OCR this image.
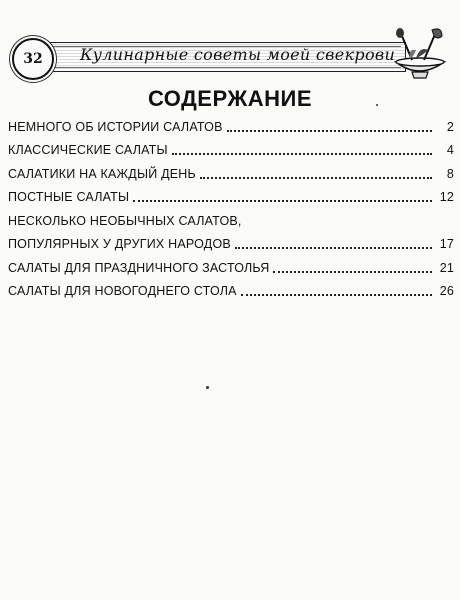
Кулинарные советы моей свекрови
32
СОДЕРЖАНИЕ
НЕМНОГО ОБ ИСТОРИИ САЛАТОВ	2
КЛАССИЧЕСКИЕ САЛАТЫ	4
САЛАТИКИ НА КАЖДЫЙ ДЕНЬ	8
ПОСТНЫЕ САЛАТЫ	12
НЕСКОЛЬКО НЕОБЫЧНЫХ САЛАТОВ,
ПОПУЛЯРНЫХ У ДРУГИХ НАРОДОВ	17
САЛАТЫ ДЛЯ ПРАЗДНИЧНОГО ЗАСТОЛЬЯ	21
САЛАТЫ ДЛЯ НОВОГОДНЕГО СТОЛА	26
